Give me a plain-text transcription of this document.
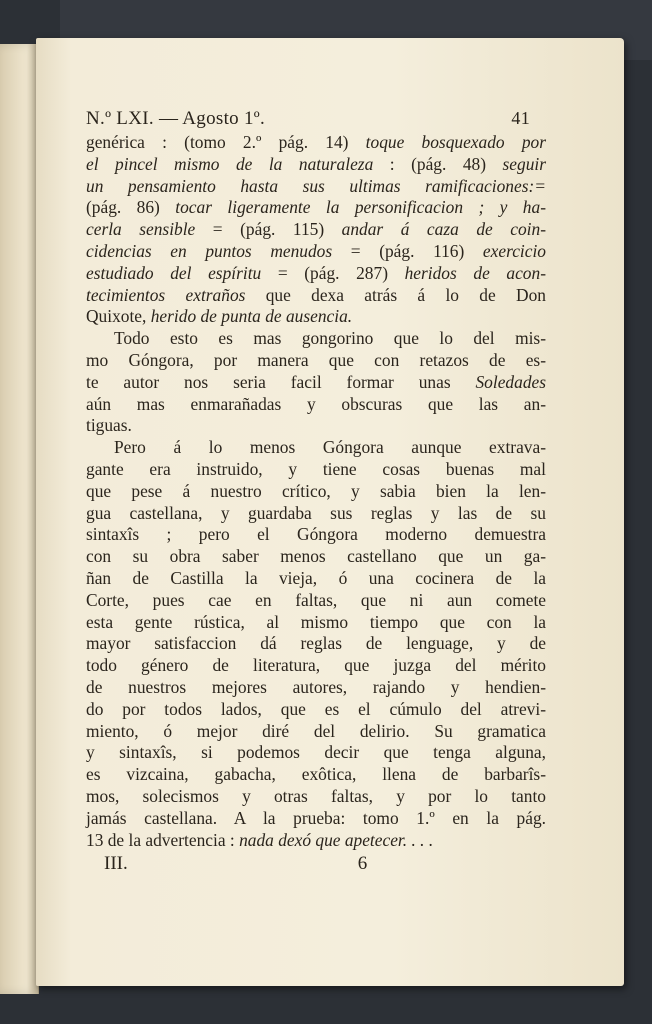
N.º LXI. — Agosto 1º.	41

genérica : (tomo 2.º pág. 14) toque bosquexado por
el pincel mismo de la naturaleza : (pág. 48) seguir
un pensamiento hasta sus ultimas ramificaciones:=
(pág. 86) tocar ligeramente la personificacion ; y ha-
cerla sensible = (pág. 115) andar á caza de coin-
cidencias en puntos menudos = (pág. 116) exercicio
estudiado del espíritu = (pág. 287) heridos de acon-
tecimientos extraños que dexa atrás á lo de Don
Quixote, herido de punta de ausencia.

Todo esto es mas gongorino que lo del mis-
mo Góngora, por manera que con retazos de es-
te autor nos seria facil formar unas Soledades
aún mas enmarañadas y obscuras que las an-
tiguas.

Pero á lo menos Góngora aunque extrava-
gante era instruido, y tiene cosas buenas mal
que pese á nuestro crítico, y sabia bien la len-
gua castellana, y guardaba sus reglas y las de su
sintaxîs ; pero el Góngora moderno demuestra
con su obra saber menos castellano que un ga-
ñan de Castilla la vieja, ó una cocinera de la
Corte, pues cae en faltas, que ni aun comete
esta gente rústica, al mismo tiempo que con la
mayor satisfaccion dá reglas de lenguage, y de
todo género de literatura, que juzga del mérito
de nuestros mejores autores, rajando y hendien-
do por todos lados, que es el cúmulo del atrevi-
miento, ó mejor diré del delirio. Su gramatica
y sintaxîs, si podemos decir que tenga alguna,
es vizcaina, gabacha, exôtica, llena de barbarîs-
mos, solecismos y otras faltas, y por lo tanto
jamás castellana. A la prueba: tomo 1.º en la pág.
13 de la advertencia : nada dexó que apetecer. . . .

III.	6
